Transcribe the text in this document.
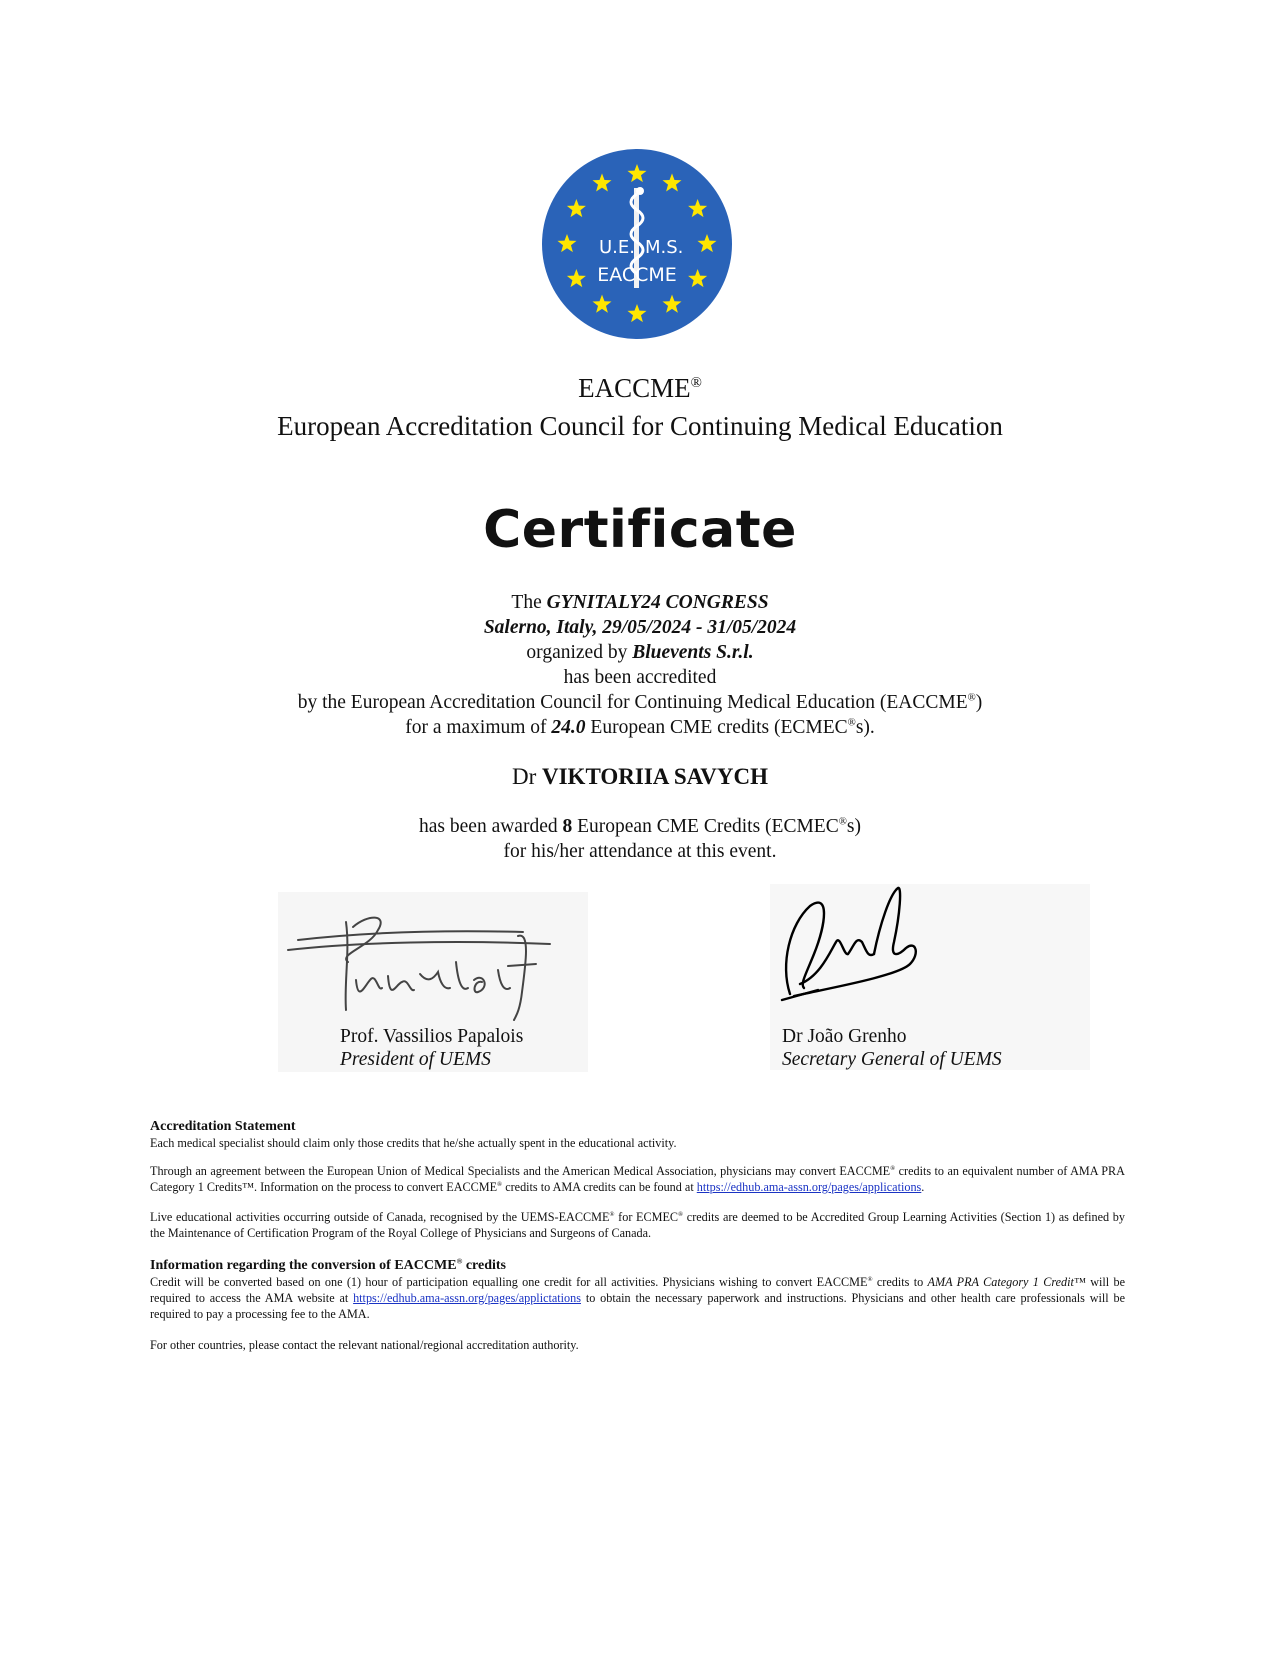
U.E. M.S.
EACCME
EACCME®
European Accreditation Council for Continuing Medical Education
Certificate
The GYNITALY24 CONGRESS
Salerno, Italy, 29/05/2024 - 31/05/2024
organized by Bluevents S.r.l.
has been accredited
by the European Accreditation Council for Continuing Medical Education (EACCME®)
for a maximum of 24.0 European CME credits (ECMEC®s).
Dr VIKTORIIA SAVYCH
has been awarded 8 European CME Credits (ECMEC®s)
for his/her attendance at this event.
Prof. Vassilios Papalois
President of UEMS
Dr João Grenho
Secretary General of UEMS
Accreditation Statement
Each medical specialist should claim only those credits that he/she actually spent in the educational activity.
Through an agreement between the European Union of Medical Specialists and the American Medical Association, physicians may convert EACCME® credits to an equivalent number of AMA PRA Category 1 Credits™. Information on the process to convert EACCME® credits to AMA credits can be found at https://edhub.ama-assn.org/pages/applications.
Live educational activities occurring outside of Canada, recognised by the UEMS-EACCME® for ECMEC® credits are deemed to be Accredited Group Learning Activities (Section 1) as defined by the Maintenance of Certification Program of the Royal College of Physicians and Surgeons of Canada.
Information regarding the conversion of EACCME® credits
Credit will be converted based on one (1) hour of participation equalling one credit for all activities. Physicians wishing to convert EACCME® credits to AMA PRA Category 1 Credit™ will be required to access the AMA website at https://edhub.ama-assn.org/pages/applictations to obtain the necessary paperwork and instructions. Physicians and other health care professionals will be required to pay a processing fee to the AMA.
For other countries, please contact the relevant national/regional accreditation authority.
